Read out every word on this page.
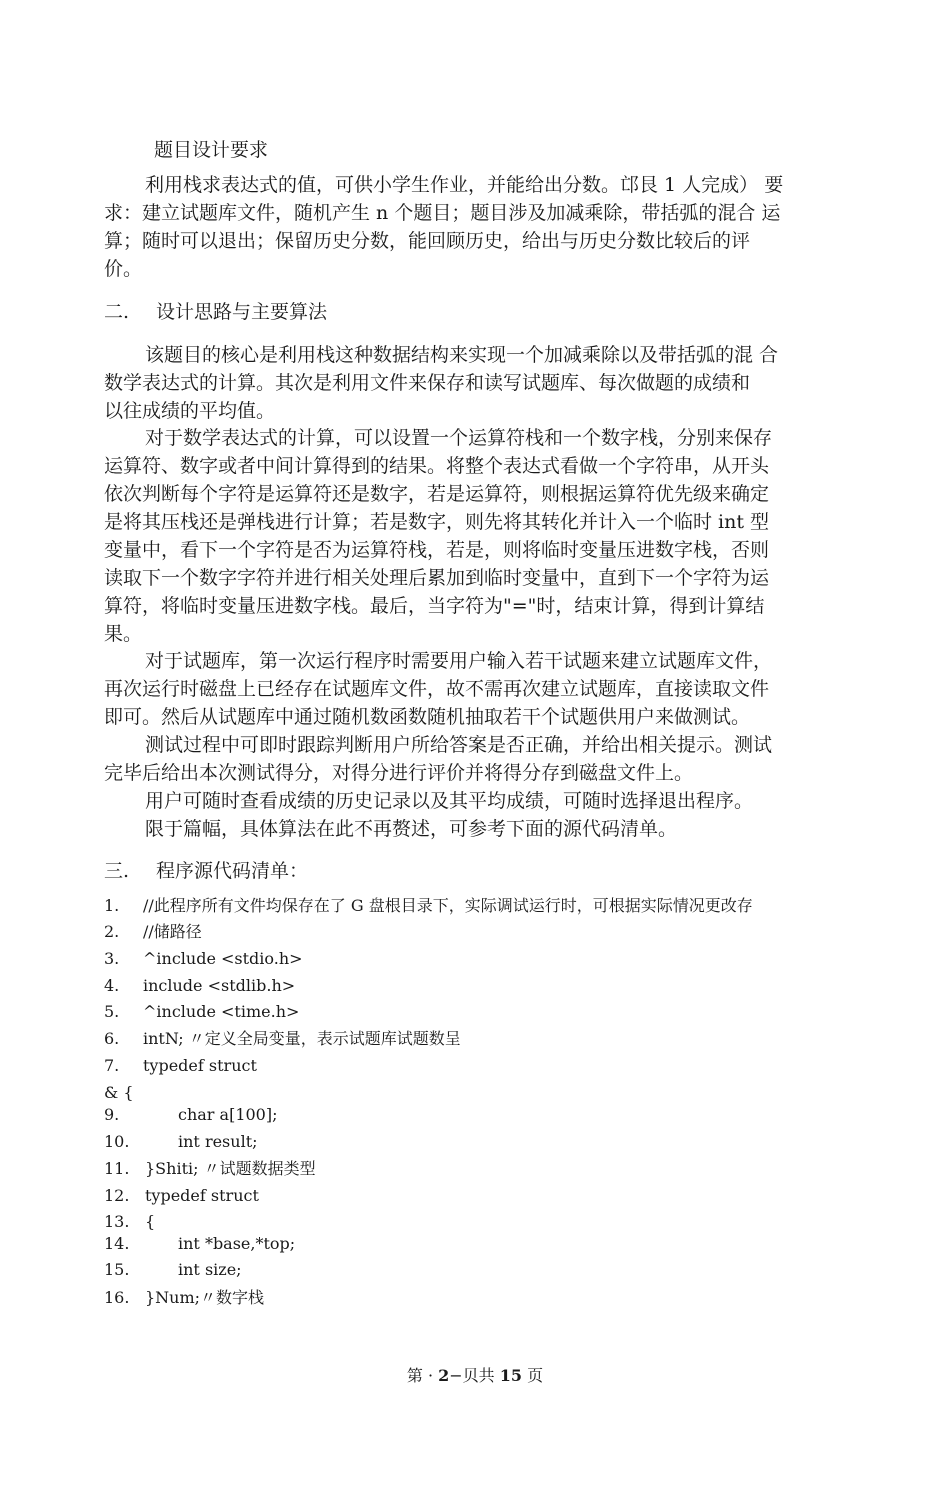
题目设计要求
利用栈求表达式的值，可供小学生作业，并能给出分数。邙艮 1 人完成） 要
求：建立试题库文件，随机产生 n 个题目；题目涉及加减乘除，带括弧的混合 运
算；随时可以退出；保留历史分数，能回顾历史，给出与历史分数比较后的评
价。
二. 设计思路与主要算法
该题目的核心是利用栈这种数据结构来实现一个加减乘除以及带括弧的混 合
数学表达式的计算。其次是利用文件来保存和读写试题库、每次做题的成绩和
以往成绩的平均值。
对于数学表达式的计算，可以设置一个运算符栈和一个数字栈，分别来保存
运算符、数字或者中间计算得到的结果。将整个表达式看做一个字符串，从开头
依次判断每个字符是运算符还是数字，若是运算符，则根据运算符优先级来确定
是将其压栈还是弹栈进行计算；若是数字，则先将其转化并计入一个临时 int 型
变量中，看下一个字符是否为运算符栈，若是，则将临时变量压进数字栈，否则
读取下一个数字字符并进行相关处理后累加到临时变量中，直到下一个字符为运
算符，将临时变量压进数字栈。最后，当字符为"="时，结束计算，得到计算结
果。
对于试题库，第一次运行程序时需要用户输入若干试题来建立试题库文件，
再次运行时磁盘上已经存在试题库文件，故不需再次建立试题库，直接读取文件
即可。然后从试题库中通过随机数函数随机抽取若干个试题供用户来做测试。
测试过程中可即时跟踪判断用户所给答案是否正确，并给出相关提示。测试
完毕后给出本次测试得分，对得分进行评价并将得分存到磁盘文件上。
用户可随时查看成绩的历史记录以及其平均成绩，可随时选择退出程序。
限于篇幅，具体算法在此不再赘述，可参考下面的源代码清单。
三. 程序源代码清单：
1. //此程序所有文件均保存在了 G 盘根目录下，实际调试运行时，可根据实际情况更改存
2. //储路径
3. ^include <stdio.h>
4. include <stdlib.h>
5. ^include <time.h>
6. intN; 〃定义全局变量，表示试题库试题数呈
7. typedef struct
& {
9.	char a[100];
10.	int result;
11. }Shiti; 〃试题数据类型
12. typedef struct
13. {
14.	int *base,*top;
15.	int size;
16. }Num;〃数字栈
第 · 2−贝共 15 页
